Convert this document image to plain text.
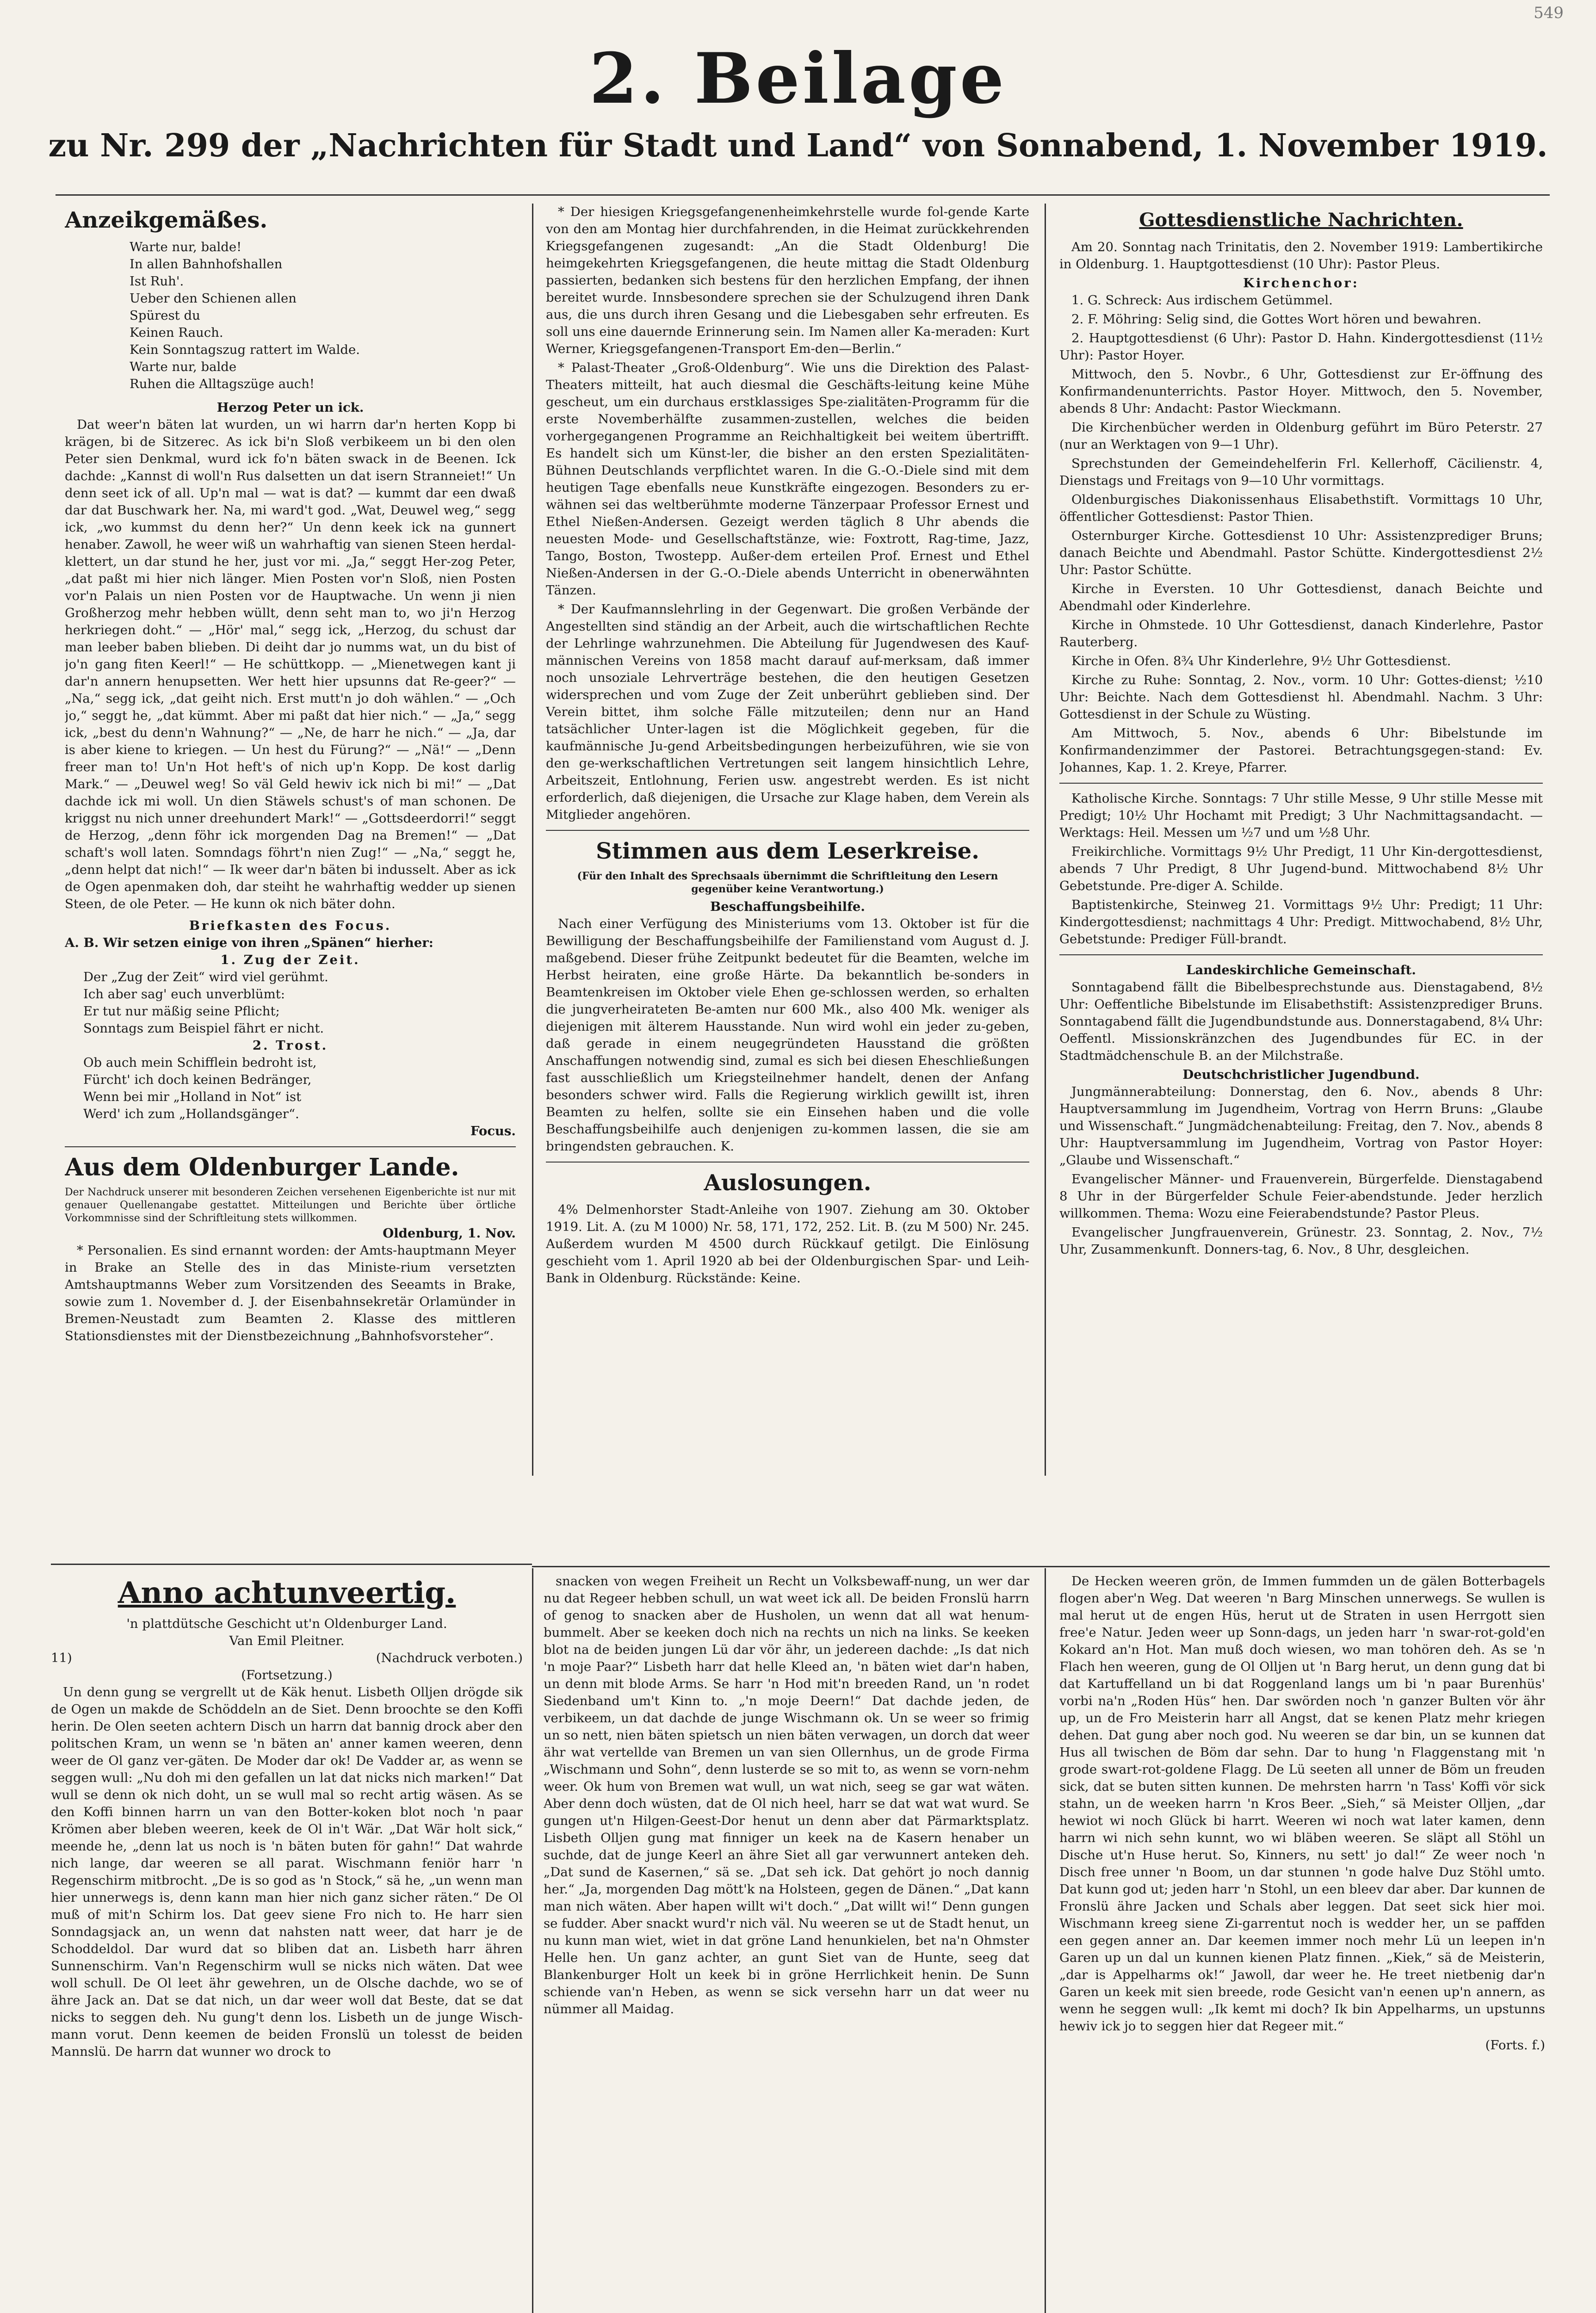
549
2. Beilage
zu Nr. 299 der „Nachrichten für Stadt und Land“ von Sonnabend, 1. November 1919.
Anzeikgemäßes.

Warte nur, balde!

In allen Bahnhofshallen

Ist Ruh'.

Ueber den Schienen allen

Spürest du

Keinen Rauch.

Kein Sonntagszug rattert im Walde.

Warte nur, balde

Ruhen die Alltagszüge auch!

Herzog Peter un ick.

Dat weer'n bäten lat wurden, un wi harrn dar'n herten Kopp bi krägen, bi de Sitzerec. As ick bi'n Sloß verbikeem un bi den olen Peter sien Denkmal, wurd ick fo'n bäten swack in de Beenen. Ick dachde: „Kannst di woll'n Rus dalsetten un dat isern Stranneiet!“ Un denn seet ick of all. Up'n mal — wat is dat? — kummt dar een dwaß dar dat Buschwark her. Na, mi ward't god. „Wat, Deuwel weg,“ segg ick, „wo kummst du denn her?“ Un denn keek ick na gunnert henaber. Zawoll, he weer wiß un wahrhaftig van sienen Steen herdal-klettert, un dar stund he her, just vor mi. „Ja,“ seggt Her-zog Peter, „dat paßt mi hier nich länger. Mien Posten vor'n Sloß, nien Posten vor'n Palais un nien Posten vor de Hauptwache. Un wenn ji nien Großherzog mehr hebben wüllt, denn seht man to, wo ji'n Herzog herkriegen doht.“ — „Hör' mal,“ segg ick, „Herzog, du schust dar man leeber baben blieben. Di deiht dar jo numms wat, un du bist of jo'n gang fiten Keerl!“ — He schüttkopp. — „Mienetwegen kant ji dar'n annern henupsetten. Wer hett hier upsunns dat Re-geer?“ — „Na,“ segg ick, „dat geiht nich. Erst mutt'n jo doh wählen.“ — „Och jo,“ seggt he, „dat kümmt. Aber mi paßt dat hier nich.“ — „Ja,“ segg ick, „best du denn'n Wahnung?“ — „Ne, de harr he nich.“ — „Ja, dar is aber kiene to kriegen. — Un hest du Fürung?“ — „Nä!“ — „Denn freer man to! Un'n Hot heft's of nich up'n Kopp. De kost darlig Mark.“ — „Deuwel weg! So väl Geld hewiv ick nich bi mi!“ — „Dat dachde ick mi woll. Un dien Stäwels schust's of man schonen. De kriggst nu nich unner dreehundert Mark!“ — „Gottsdeerdorri!“ seggt de Herzog, „denn föhr ick morgenden Dag na Bremen!“ — „Dat schaft's woll laten. Somndags föhrt'n nien Zug!“ — „Na,“ seggt he, „denn helpt dat nich!“ — Ik weer dar'n bäten bi indusselt. Aber as ick de Ogen apenmaken doh, dar steiht he wahrhaftig wedder up sienen Steen, de ole Peter. — He kunn ok nich bäter dohn.

Briefkasten des Focus.
A. B. Wir setzen einige von ihren „Spänen“ hierher:
1. Zug der Zeit.

Der „Zug der Zeit“ wird viel gerühmt.

Ich aber sag' euch unverblümt:

Er tut nur mäßig seine Pflicht;

Sonntags zum Beispiel fährt er nicht.

2. Trost.

Ob auch mein Schifflein bedroht ist,

Fürcht' ich doch keinen Bedränger,

Wenn bei mir „Holland in Not“ ist

Werd' ich zum „Hollandsgänger“.

Focus.
Aus dem Oldenburger Lande.
Der Nachdruck unserer mit besonderen Zeichen versehenen Eigenberichte ist nur mit genauer Quellenangabe gestattet. Mitteilungen und Berichte über örtliche Vorkommnisse sind der Schriftleitung stets willkommen.
Oldenburg, 1. Nov.

* Personalien. Es sind ernannt worden: der Amts-hauptmann Meyer in Brake an Stelle des in das Ministe-rium versetzten Amtshauptmanns Weber zum Vorsitzenden des Seeamts in Brake, sowie zum 1. November d. J. der Eisenbahnsekretär Orlamünder in Bremen-Neustadt zum Beamten 2. Klasse des mittleren Stationsdienstes mit der Dienstbezeichnung „Bahnhofsvorsteher“.

* Der hiesigen Kriegsgefangenenheimkehrstelle wurde fol-gende Karte von den am Montag hier durchfahrenden, in die Heimat zurückkehrenden Kriegsgefangenen zugesandt: „An die Stadt Oldenburg! Die heimgekehrten Kriegsgefangenen, die heute mittag die Stadt Oldenburg passierten, bedanken sich bestens für den herzlichen Empfang, der ihnen bereitet wurde. Innsbesondere sprechen sie der Schulzugend ihren Dank aus, die uns durch ihren Gesang und die Liebesgaben sehr erfreuten. Es soll uns eine dauernde Erinnerung sein. Im Namen aller Ka-meraden: Kurt Werner, Kriegsgefangenen-Transport Em-den—Berlin.“

* Palast-Theater „Groß-Oldenburg“. Wie uns die Direktion des Palast-Theaters mitteilt, hat auch diesmal die Geschäfts-leitung keine Mühe gescheut, um ein durchaus erstklassiges Spe-zialitäten-Programm für die erste Novemberhälfte zusammen-zustellen, welches die beiden vorhergegangenen Programme an Reichhaltigkeit bei weitem übertrifft. Es handelt sich um Künst-ler, die bisher an den ersten Spezialitäten-Bühnen Deutschlands verpflichtet waren. In die G.-O.-Diele sind mit dem heutigen Tage ebenfalls neue Kunstkräfte eingezogen. Besonders zu er-wähnen sei das weltberühmte moderne Tänzerpaar Professor Ernest und Ethel Nießen-Andersen. Gezeigt werden täglich 8 Uhr abends die neuesten Mode- und Gesellschaftstänze, wie: Foxtrott, Rag-time, Jazz, Tango, Boston, Twostepp. Außer-dem erteilen Prof. Ernest und Ethel Nießen-Andersen in der G.-O.-Diele abends Unterricht in obenerwähnten Tänzen.

* Der Kaufmannslehrling in der Gegenwart. Die großen Verbände der Angestellten sind ständig an der Arbeit, auch die wirtschaftlichen Rechte der Lehrlinge wahrzunehmen. Die Abteilung für Jugendwesen des Kauf-männischen Vereins von 1858 macht darauf auf-merksam, daß immer noch unsoziale Lehrverträge bestehen, die den heutigen Gesetzen widersprechen und vom Zuge der Zeit unberührt geblieben sind. Der Verein bittet, ihm solche Fälle mitzuteilen; denn nur an Hand tatsächlicher Unter-lagen ist die Möglichkeit gegeben, für die kaufmännische Ju-gend Arbeitsbedingungen herbeizuführen, wie sie von den ge-werkschaftlichen Vertretungen seit langem hinsichtlich Lehre, Arbeitszeit, Entlohnung, Ferien usw. angestrebt werden. Es ist nicht erforderlich, daß diejenigen, die Ursache zur Klage haben, dem Verein als Mitglieder angehören.

Stimmen aus dem Leserkreise.
(Für den Inhalt des Sprechsaals übernimmt die Schriftleitung den Lesern gegenüber keine Verantwortung.)
Beschaffungsbeihilfe.

Nach einer Verfügung des Ministeriums vom 13. Oktober ist für die Bewilligung der Beschaffungsbeihilfe der Familienstand vom August d. J. maßgebend. Dieser frühe Zeitpunkt bedeutet für die Beamten, welche im Herbst heiraten, eine große Härte. Da bekanntlich be-sonders in Beamtenkreisen im Oktober viele Ehen ge-schlossen werden, so erhalten die jungverheirateten Be-amten nur 600 Mk., also 400 Mk. weniger als diejenigen mit älterem Hausstande. Nun wird wohl ein jeder zu-geben, daß gerade in einem neugegründeten Hausstand die größten Anschaffungen notwendig sind, zumal es sich bei diesen Eheschließungen fast ausschließlich um Kriegsteilnehmer handelt, denen der Anfang besonders schwer wird. Falls die Regierung wirklich gewillt ist, ihren Beamten zu helfen, sollte sie ein Einsehen haben und die volle Beschaffungsbeihilfe auch denjenigen zu-kommen lassen, die sie am bringendsten gebrauchen. K.

Auslosungen.

4% Delmenhorster Stadt-Anleihe von 1907. Ziehung am 30. Oktober 1919. Lit. A. (zu M 1000) Nr. 58, 171, 172, 252. Lit. B. (zu M 500) Nr. 245. Außerdem wurden M 4500 durch Rückkauf getilgt. Die Einlösung geschieht vom 1. April 1920 ab bei der Oldenburgischen Spar- und Leih-Bank in Oldenburg. Rückstände: Keine.

Gottesdienstliche Nachrichten.

Am 20. Sonntag nach Trinitatis, den 2. November 1919: Lambertikirche in Oldenburg. 1. Hauptgottesdienst (10 Uhr): Pastor Pleus.

Kirchenchor:

1. G. Schreck: Aus irdischem Getümmel.

2. F. Möhring: Selig sind, die Gottes Wort hören und bewahren.

2. Hauptgottesdienst (6 Uhr): Pastor D. Hahn. Kindergottesdienst (11½ Uhr): Pastor Hoyer.

Mittwoch, den 5. Novbr., 6 Uhr, Gottesdienst zur Er-öffnung des Konfirmandenunterrichts. Pastor Hoyer. Mittwoch, den 5. November, abends 8 Uhr: Andacht: Pastor Wieckmann.

Die Kirchenbücher werden in Oldenburg geführt im Büro Peterstr. 27 (nur an Werktagen von 9—1 Uhr).

Sprechstunden der Gemeindehelferin Frl. Kellerhoff, Cäcilienstr. 4, Dienstags und Freitags von 9—10 Uhr vormittags.

Oldenburgisches Diakonissenhaus Elisabethstift. Vormittags 10 Uhr, öffentlicher Gottesdienst: Pastor Thien.

Osternburger Kirche. Gottesdienst 10 Uhr: Assistenzprediger Bruns; danach Beichte und Abendmahl. Pastor Schütte. Kindergottesdienst 2½ Uhr: Pastor Schütte.

Kirche in Eversten. 10 Uhr Gottesdienst, danach Beichte und Abendmahl oder Kinderlehre.

Kirche in Ohmstede. 10 Uhr Gottesdienst, danach Kinderlehre, Pastor Rauterberg.

Kirche in Ofen. 8¾ Uhr Kinderlehre, 9½ Uhr Gottesdienst.

Kirche zu Ruhe: Sonntag, 2. Nov., vorm. 10 Uhr: Gottes-dienst; ½10 Uhr: Beichte. Nach dem Gottesdienst hl. Abendmahl. Nachm. 3 Uhr: Gottesdienst in der Schule zu Wüsting.

Am Mittwoch, 5. Nov., abends 6 Uhr: Bibelstunde im Konfirmandenzimmer der Pastorei. Betrachtungsgegen-stand: Ev. Johannes, Kap. 1. 2. Kreye, Pfarrer.

Katholische Kirche. Sonntags: 7 Uhr stille Messe, 9 Uhr stille Messe mit Predigt; 10½ Uhr Hochamt mit Predigt; 3 Uhr Nachmittagsandacht. — Werktags: Heil. Messen um ½7 und um ½8 Uhr.

Freikirchliche. Vormittags 9½ Uhr Predigt, 11 Uhr Kin-dergottesdienst, abends 7 Uhr Predigt, 8 Uhr Jugend-bund. Mittwochabend 8½ Uhr Gebetstunde. Pre-diger A. Schilde.

Baptistenkirche, Steinweg 21. Vormittags 9½ Uhr: Predigt; 11 Uhr: Kindergottesdienst; nachmittags 4 Uhr: Predigt. Mittwochabend, 8½ Uhr, Gebetstunde: Prediger Füll-brandt.

Landeskirchliche Gemeinschaft.

Sonntagabend fällt die Bibelbesprechstunde aus. Dienstagabend, 8½ Uhr: Oeffentliche Bibelstunde im Elisabethstift: Assistenzprediger Bruns. Sonntagabend fällt die Jugendbundstunde aus. Donnerstagabend, 8¼ Uhr: Oeffentl. Missionskränzchen des Jugendbundes für EC. in der Stadtmädchenschule B. an der Milchstraße.

Deutschchristlicher Jugendbund.

Jungmännerabteilung: Donnerstag, den 6. Nov., abends 8 Uhr: Hauptversammlung im Jugendheim, Vortrag von Herrn Bruns: „Glaube und Wissenschaft.“ Jungmädchenabteilung: Freitag, den 7. Nov., abends 8 Uhr: Hauptversammlung im Jugendheim, Vortrag von Pastor Hoyer: „Glaube und Wissenschaft.“

Evangelischer Männer- und Frauenverein, Bürgerfelde. Dienstagabend 8 Uhr in der Bürgerfelder Schule Feier-abendstunde. Jeder herzlich willkommen. Thema: Wozu eine Feierabendstunde? Pastor Pleus.

Evangelischer Jungfrauenverein, Grünestr. 23. Sonntag, 2. Nov., 7½ Uhr, Zusammenkunft. Donners-tag, 6. Nov., 8 Uhr, desgleichen.

Anno achtunveertig.
'n plattdütsche Geschicht ut'n Oldenburger Land.
Van Emil Pleitner.
11)	(Nachdruck verboten.)
(Fortsetzung.)

Un denn gung se vergrellt ut de Käk henut. Lisbeth Olljen drögde sik de Ogen un makde de Schöddeln an de Siet. Denn broochte se den Koffi herin. De Olen seeten achtern Disch un harrn dat bannig drock aber den politschen Kram, un wenn se 'n bäten an' anner kamen weeren, denn weer de Ol ganz ver-gäten. De Moder dar ok! De Vadder ar, as wenn se seggen wull: „Nu doh mi den gefallen un lat dat nicks nich marken!“ Dat wull se denn ok nich doht, un se wull mal so recht artig wäsen. As se den Koffi binnen harrn un van den Botter-koken blot noch 'n paar Krömen aber bleben weeren, keek de Ol in't Wär. „Dat Wär holt sick,“ meende he, „denn lat us noch is 'n bäten buten för gahn!“ Dat wahrde nich lange, dar weeren se all parat. Wischmann feniör harr 'n Regenschirm mitbrocht. „De is so god as 'n Stock,“ sä he, „un wenn man hier unnerwegs is, denn kann man hier nich ganz sicher räten.“ De Ol muß of mit'n Schirm los. Dat geev siene Fro nich to. He harr sien Sonndagsjack an, un wenn dat nahsten natt weer, dat harr je de Schoddeldol. Dar wurd dat so bliben dat an. Lisbeth harr ähren Sunnenschirm. Van'n Regenschirm wull se nicks nich wäten. Dat wee woll schull. De Ol leet ähr gewehren, un de Olsche dachde, wo se of ähre Jack an. Dat se dat nich, un dar weer woll dat Beste, dat se dat nicks to seggen deh. Nu gung't denn los. Lisbeth un de junge Wisch-mann vorut. Denn keemen de beiden Fronslü un tolesst de beiden Mannslü. De harrn dat wunner wo drock to

snacken von wegen Freiheit un Recht un Volksbewaff-nung, un wer dar nu dat Regeer hebben schull, un wat weet ick all. De beiden Fronslü harrn of genog to snacken aber de Husholen, un wenn dat all wat henum-bummelt. Aber se keeken doch nich na rechts un nich na links. Se keeken blot na de beiden jungen Lü dar vör ähr, un jedereen dachde: „Is dat nich 'n moje Paar?“ Lisbeth harr dat helle Kleed an, 'n bäten wiet dar'n haben, un denn mit blode Arms. Se harr 'n Hod mit'n breeden Rand, un 'n rodet Siedenband um't Kinn to. „'n moje Deern!“ Dat dachde jeden, de verbikeem, un dat dachde de junge Wischmann ok. Un se weer so frimig un so nett, nien bäten spietsch un nien bäten verwagen, un dorch dat weer ähr wat vertellde van Bremen un van sien Ollernhus, un de grode Firma „Wischmann und Sohn“, denn lusterde se so mit to, as wenn se vorn-nehm weer. Ok hum von Bremen wat wull, un wat nich, seeg se gar wat wäten. Aber denn doch wüsten, dat de Ol nich heel, harr se dat wat wat wurd. Se gungen ut'n Hilgen-Geest-Dor henut un denn aber dat Pärmarktsplatz. Lisbeth Olljen gung mat finniger un keek na de Kasern henaber un suchde, dat de junge Keerl an ähre Siet all gar verwunnert anteken deh. „Dat sund de Kasernen,“ sä se. „Dat seh ick. Dat gehört jo noch dannig her.“ „Ja, morgenden Dag mött'k na Holsteen, gegen de Dänen.“ „Dat kann man nich wäten. Aber hapen willt wi't doch.“ „Dat willt wi!“ Denn gungen se fudder. Aber snackt wurd'r nich väl. Nu weeren se ut de Stadt henut, un nu kunn man wiet, wiet in dat gröne Land henunkielen, bet na'n Ohmster Helle hen. Un ganz achter, an gunt Siet van de Hunte, seeg dat Blankenburger Holt un keek bi in gröne Herrlichkeit henin. De Sunn schiende van'n Heben, as wenn se sick versehn harr un dat weer nu nümmer all Maidag.

De Hecken weeren grön, de Immen fummden un de gälen Botterbagels flogen aber'n Weg. Dat weeren 'n Barg Minschen unnerwegs. Se wullen is mal herut ut de engen Hüs, herut ut de Straten in usen Herrgott sien free'e Natur. Jeden weer up Sonn-dags, un jeden harr 'n swar-rot-gold'en Kokard an'n Hot. Man muß doch wiesen, wo man tohören deh. As se 'n Flach hen weeren, gung de Ol Olljen ut 'n Barg herut, un denn gung dat bi dat Kartuffelland un bi dat Roggenland langs um bi 'n paar Burenhüs' vorbi na'n „Roden Hüs“ hen. Dar swörden noch 'n ganzer Bulten vör ähr up, un de Fro Meisterin harr all Angst, dat se kenen Platz mehr kriegen dehen. Dat gung aber noch god. Nu weeren se dar bin, un se kunnen dat Hus all twischen de Böm dar sehn. Dar to hung 'n Flaggenstang mit 'n grode swart-rot-goldene Flagg. De Lü seeten all unner de Böm un freuden sick, dat se buten sitten kunnen. De mehrsten harrn 'n Tass' Koffi vör sick stahn, un de weeken harrn 'n Kros Beer. „Sieh,“ sä Meister Olljen, „dar hewiot wi noch Glück bi harrt. Weeren wi noch wat later kamen, denn harrn wi nich sehn kunnt, wo wi bläben weeren. Se släpt all Stöhl un Dische ut'n Huse herut. So, Kinners, nu sett' jo dal!“ Ze weer noch 'n Disch free unner 'n Boom, un dar stunnen 'n gode halve Duz Stöhl umto. Dat kunn god ut; jeden harr 'n Stohl, un een bleev dar aber. Dar kunnen de Fronslü ähre Jacken und Schals aber leggen. Dat seet sick hier moi. Wischmann kreeg siene Zi-garrentut noch is wedder her, un se paffden een gegen anner an. Dar keemen immer noch mehr Lü un leepen in'n Garen up un dal un kunnen kienen Platz finnen. „Kiek,“ sä de Meisterin, „dar is Appelharms ok!“ Jawoll, dar weer he. He treet nietbenig dar'n Garen un keek mit sien breede, rode Gesicht van'n eenen up'n annern, as wenn he seggen wull: „Ik kemt mi doch? Ik bin Appelharms, un upstunns hewiv ick jo to seggen hier dat Regeer mit.“

(Forts. f.)
